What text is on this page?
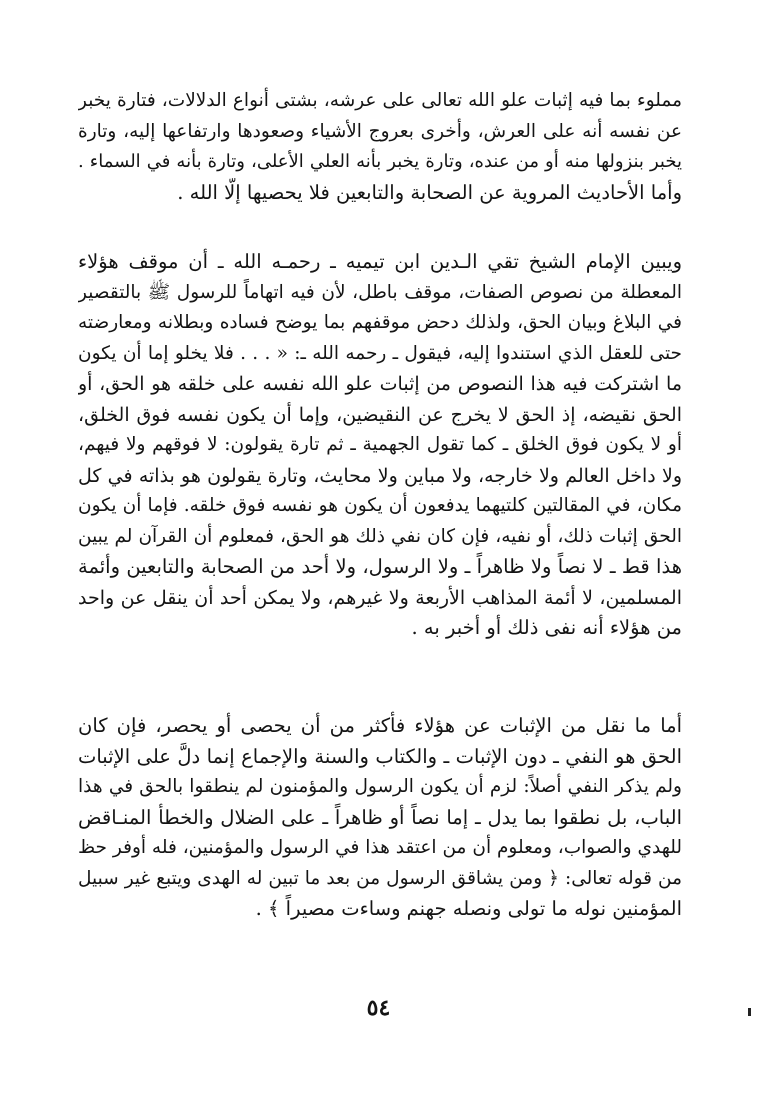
مملوء بما فيه إثبات علو الله تعالى على عرشه، بشتى أنواع الدلالات، فتارة يخبر
عن نفسه أنه على العرش، وأخرى بعروج الأشياء وصعودها وارتفاعها إليه، وتارة
يخبر بنزولها منه أو من عنده، وتارة يخبر بأنه العلي الأعلى، وتارة بأنه في السماء .
وأما الأحاديث المروية عن الصحابة والتابعين فلا يحصيها إلّا الله .
ويبين الإمام الشيخ تقي الـدين ابن تيميه ـ رحمـه الله ـ أن موقف هؤلاء
المعطلة من نصوص الصفات، موقف باطل، لأن فيه اتهاماً للرسول ﷺ بالتقصير
في البلاغ وبيان الحق، ولذلك دحض موقفهم بما يوضح فساده وبطلانه ومعارضته
حتى للعقل الذي استندوا إليه، فيقول ـ رحمه الله ـ: « . . . فلا يخلو إما أن يكون
ما اشتركت فيه هذا النصوص من إثبات علو الله نفسه على خلقه هو الحق، أو
الحق نقيضه، إذ الحق لا يخرج عن النقيضين، وإما أن يكون نفسه فوق الخلق،
أو لا يكون فوق الخلق ـ كما تقول الجهمية ـ ثم تارة يقولون: لا فوقهم ولا فيهم،
ولا داخل العالم ولا خارجه، ولا مباين ولا محايث، وتارة يقولون هو بذاته في كل
مكان، في المقالتين كلتيهما يدفعون أن يكون هو نفسه فوق خلقه. فإما أن يكون
الحق إثبات ذلك، أو نفيه، فإن كان نفي ذلك هو الحق، فمعلوم أن القرآن لم يبين
هذا قط ـ لا نصاً ولا ظاهراً ـ ولا الرسول، ولا أحد من الصحابة والتابعين وأئمة
المسلمين، لا أئمة المذاهب الأربعة ولا غيرهم، ولا يمكن أحد أن ينقل عن واحد
من هؤلاء أنه نفى ذلك أو أخبر به .
أما ما نقل من الإثبات عن هؤلاء فأكثر من أن يحصى أو يحصر، فإن كان
الحق هو النفي ـ دون الإثبات ـ والكتاب والسنة والإجماع إنما دلَّ على الإثبات
ولم يذكر النفي أصلاً: لزم أن يكون الرسول والمؤمنون لم ينطقوا بالحق في هذا
الباب، بل نطقوا بما يدل ـ إما نصاً أو ظاهراً ـ على الضلال والخطأ المنـاقض
للهدي والصواب، ومعلوم أن من اعتقد هذا في الرسول والمؤمنين، فله أوفر حظ
من قوله تعالى: ﴿ ومن يشاقق الرسول من بعد ما تبين له الهدى ويتبع غير سبيل
المؤمنين نوله ما تولى ونصله جهنم وساءت مصيراً ﴾ .
٥٤
